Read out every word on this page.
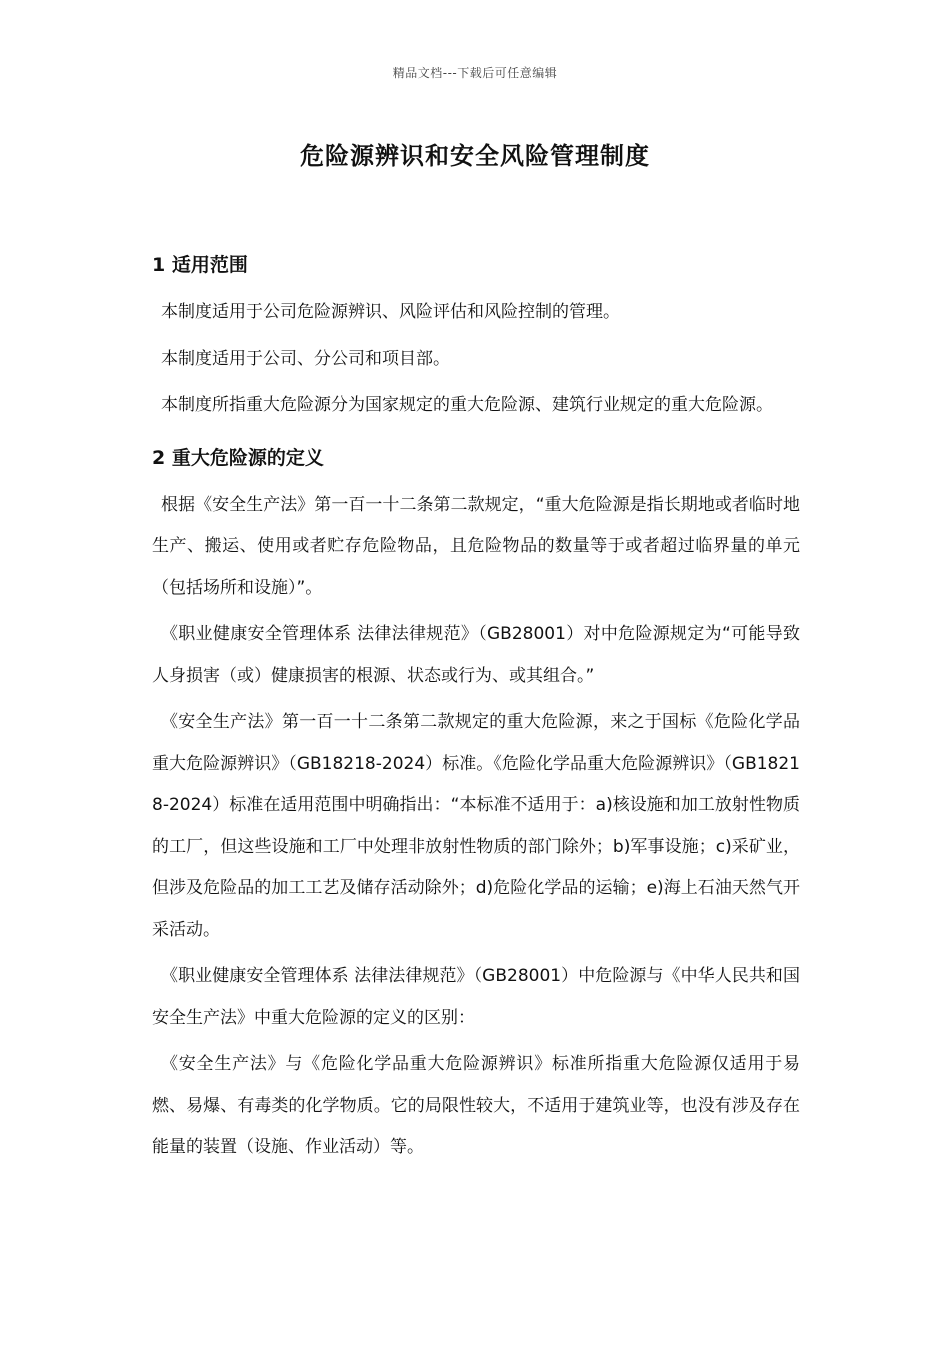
精品文档---下载后可任意编辑
危险源辨识和安全风险管理制度
1 适用范围

本制度适用于公司危险源辨识、风险评估和风险控制的管理。

本制度适用于公司、分公司和项目部。

本制度所指重大危险源分为国家规定的重大危险源、建筑行业规定的重大危险源。

2 重大危险源的定义

根据《安全生产法》第一百一十二条第二款规定，“重大危险源是指长期地或者临时地生产、搬运、使用或者贮存危险物品，且危险物品的数量等于或者超过临界量的单元（包括场所和设施）”。

《职业健康安全管理体系 法律法律规范》（GB28001）对中危险源规定为“可能导致人身损害（或）健康损害的根源、状态或行为、或其组合。”

《安全生产法》第一百一十二条第二款规定的重大危险源，来之于国标《危险化学品重大危险源辨识》（GB18218-2024）标准。《危险化学品重大危险源辨识》（GB18218-2024）标准在适用范围中明确指出：“本标准不适用于：a)核设施和加工放射性物质的工厂，但这些设施和工厂中处理非放射性物质的部门除外；b)军事设施；c)采矿业，但涉及危险品的加工工艺及储存活动除外；d)危险化学品的运输；e)海上石油天然气开采活动。

《职业健康安全管理体系 法律法律规范》（GB28001）中危险源与《中华人民共和国安全生产法》中重大危险源的定义的区别：

《安全生产法》与《危险化学品重大危险源辨识》标准所指重大危险源仅适用于易燃、易爆、有毒类的化学物质。它的局限性较大，不适用于建筑业等，也没有涉及存在能量的装置（设施、作业活动）等。
